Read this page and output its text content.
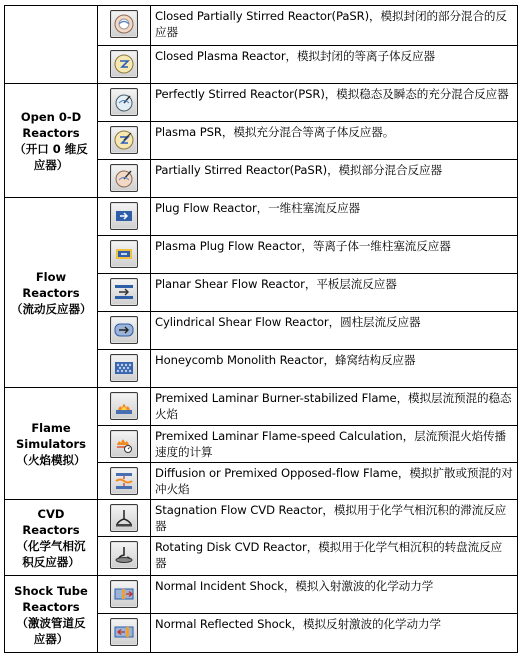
Open 0-D Reactors （开口 0 维反应器）
Flow Reactors（流动反应器）
Flame Simulators（火焰模拟）
CVD Reactors（化学气相沉积反应器）
Shock Tube Reactors （激波管道反应器）
Closed Partially Stirred Reactor(PaSR)，模拟封闭的部分混合的反应器
Closed Plasma Reactor，模拟封闭的等离子体反应器
Perfectly Stirred Reactor(PSR)，模拟稳态及瞬态的充分混合反应器
Plasma PSR，模拟充分混合等离子体反应器。
Partially Stirred Reactor(PaSR)，模拟部分混合反应器
Plug Flow Reactor，一维柱塞流反应器
Plasma Plug Flow Reactor，等离子体一维柱塞流反应器
Planar Shear Flow Reactor，平板层流反应器
Cylindrical Shear Flow Reactor，圆柱层流反应器
Honeycomb Monolith Reactor，蜂窝结构反应器
Premixed Laminar Burner-stabilized Flame，模拟层流预混的稳态火焰
Premixed Laminar Flame-speed Calculation，层流预混火焰传播速度的计算
Diffusion or Premixed Opposed-flow Flame，模拟扩散或预混的对冲火焰
Stagnation Flow CVD Reactor，模拟用于化学气相沉积的滞流反应器
Rotating Disk CVD Reactor，模拟用于化学气相沉积的转盘流反应器
Normal Incident Shock，模拟入射激波的化学动力学
Normal Reflected Shock，模拟反射激波的化学动力学
